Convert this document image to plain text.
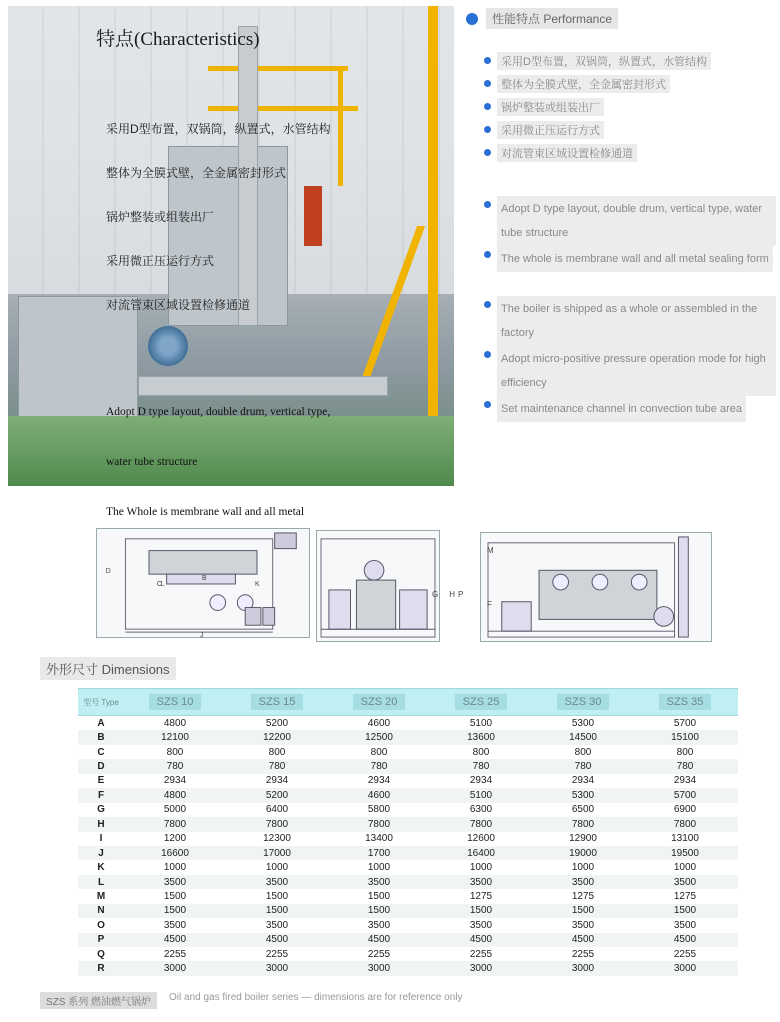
特点(Characteristics)
采用D型布置，双锅筒，纵置式，水管结构
整体为全膜式壁，全金属密封形式
锅炉整装或组装出厂
采用微正压运行方式
对流管束区域设置检修通道
Adopt D type layout, double drum, vertical type,
water tube structure
The Whole is membrane wall and all metal
性能特点 Performance
采用D型布置，双锅筒，纵置式，水管结构
整体为全膜式壁，全金属密封形式
锅炉整装或组装出厂
采用微正压运行方式
对流管束区域设置检修通道
Adopt D type layout, double drum, vertical type, water tube structure
The whole is membrane wall and all metal sealing form
The boiler is shipped as a whole or assembled in the factory
Adopt micro-positive pressure operation mode for high efficiency
Set maintenance channel in convection tube area
D
C
B
L	K
J
G H P
M
F
外形尺寸 Dimensions
型号 Type	SZS 10	SZS 15	SZS 20	SZS 25	SZS 30	SZS 35
A	4800	5200	4600	5100	5300	5700
B	12100	12200	12500	13600	14500	15100
C	800	800	800	800	800	800
D	780	780	780	780	780	780
E	2934	2934	2934	2934	2934	2934
F	4800	5200	4600	5100	5300	5700
G	5000	6400	5800	6300	6500	6900
H	7800	7800	7800	7800	7800	7800
I	1200	12300	13400	12600	12900	13100
J	16600	17000	1700	16400	19000	19500
K	1000	1000	1000	1000	1000	1000
L	3500	3500	3500	3500	3500	3500
M	1500	1500	1500	1275	1275	1275
N	1500	1500	1500	1500	1500	1500
O	3500	3500	3500	3500	3500	3500
P	4500	4500	4500	4500	4500	4500
Q	2255	2255	2255	2255	2255	2255
R	3000	3000	3000	3000	3000	3000
SZS 系列 燃油燃气锅炉	Oil and gas fired boiler series — dimensions are for reference only
